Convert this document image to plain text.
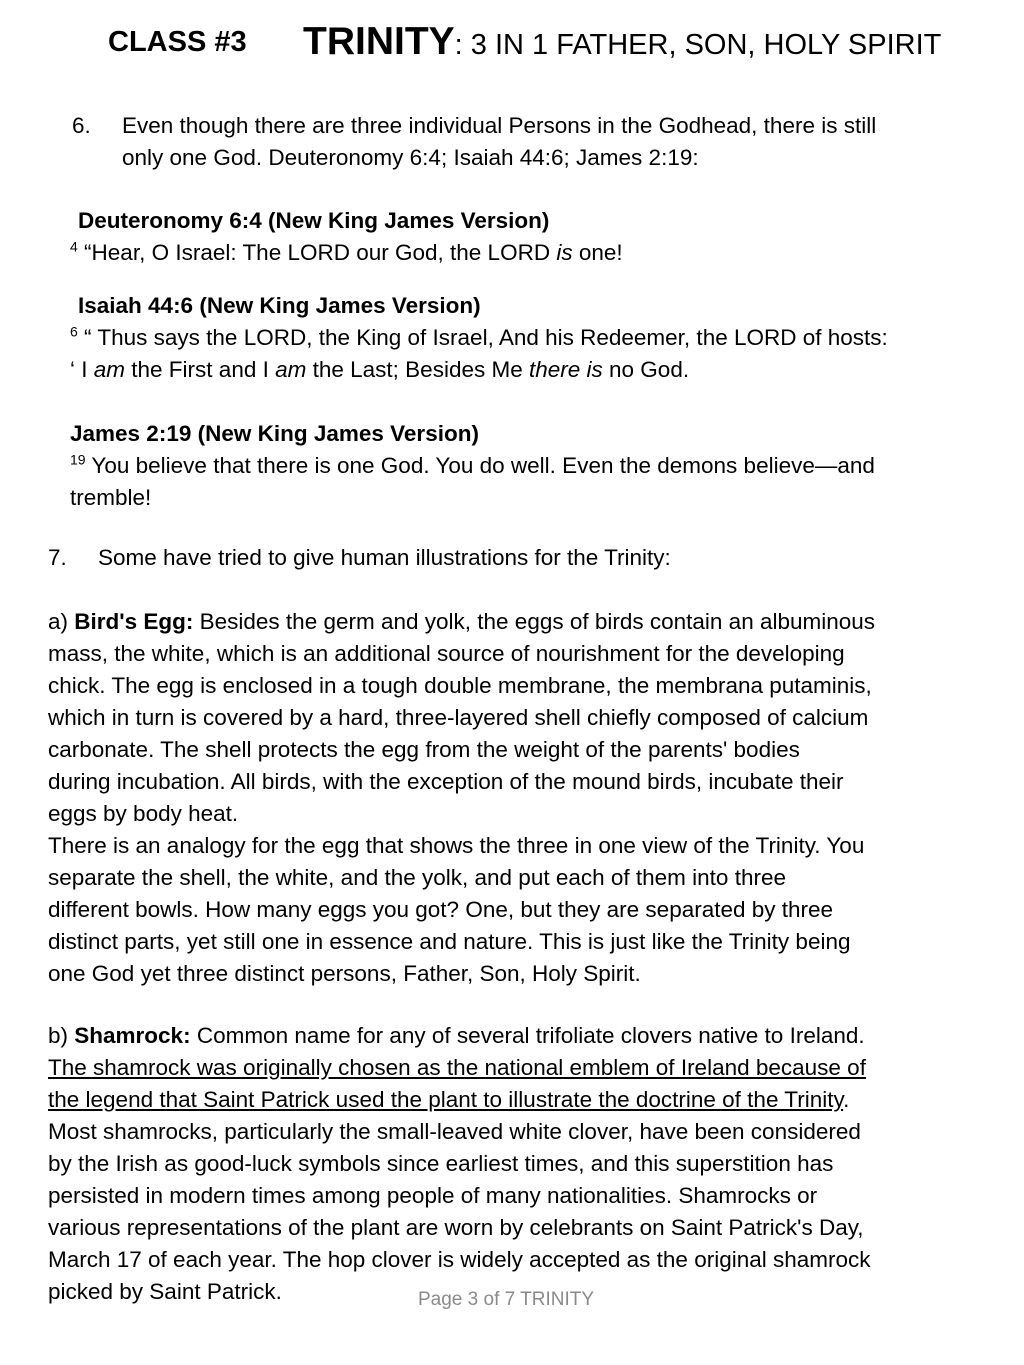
CLASS #3 TRINITY: 3 IN 1 FATHER, SON, HOLY SPIRIT
6. Even though there are three individual Persons in the Godhead, there is still
only one God. Deuteronomy 6:4; Isaiah 44:6; James 2:19:
Deuteronomy 6:4 (New King James Version)
$^4$ “Hear, O Israel: The LORD our God, the LORD is one!
Isaiah 44:6 (New King James Version)
$^6$ “ Thus says the LORD, the King of Israel, And his Redeemer, the LORD of hosts:
‘ I am the First and I am the Last; Besides Me there is no God.
James 2:19 (New King James Version)
$^{19}$ You believe that there is one God. You do well. Even the demons believe—and
tremble!
7. Some have tried to give human illustrations for the Trinity:
a) Bird's Egg: Besides the germ and yolk, the eggs of birds contain an albuminous
mass, the white, which is an additional source of nourishment for the developing
chick. The egg is enclosed in a tough double membrane, the membrana putaminis,
which in turn is covered by a hard, three-layered shell chiefly composed of calcium
carbonate. The shell protects the egg from the weight of the parents' bodies
during incubation. All birds, with the exception of the mound birds, incubate their
eggs by body heat.
There is an analogy for the egg that shows the three in one view of the Trinity. You
separate the shell, the white, and the yolk, and put each of them into three
different bowls. How many eggs you got? One, but they are separated by three
distinct parts, yet still one in essence and nature. This is just like the Trinity being
one God yet three distinct persons, Father, Son, Holy Spirit.
b) Shamrock: Common name for any of several trifoliate clovers native to Ireland.
The shamrock was originally chosen as the national emblem of Ireland because of
the legend that Saint Patrick used the plant to illustrate the doctrine of the Trinity.
Most shamrocks, particularly the small-leaved white clover, have been considered
by the Irish as good-luck symbols since earliest times, and this superstition has
persisted in modern times among people of many nationalities. Shamrocks or
various representations of the plant are worn by celebrants on Saint Patrick's Day,
March 17 of each year. The hop clover is widely accepted as the original shamrock
picked by Saint Patrick.	Page 3 of 7 TRINITY
